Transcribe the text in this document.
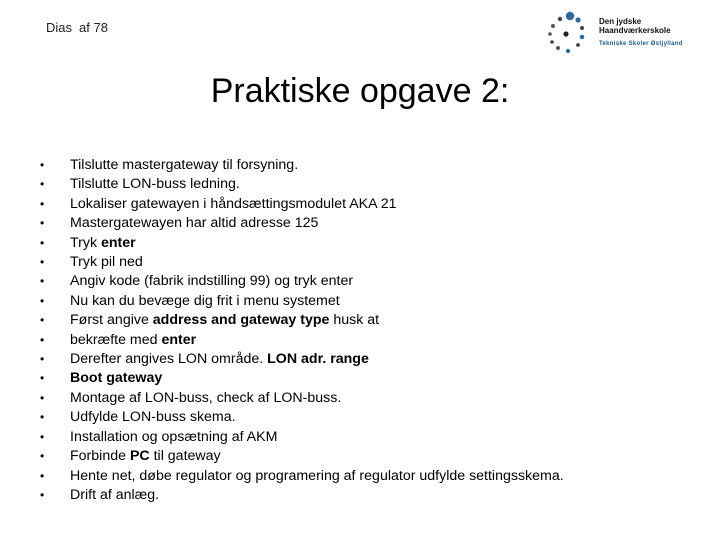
Dias af 78	Den jydske
Haandværkerskole
Tekniske Skoler Østjylland
Praktiske opgave 2:
•	Tilslutte mastergateway til forsyning.
•	Tilslutte LON-buss ledning.
•	Lokaliser gatewayen i håndsættingsmodulet AKA 21
•	Mastergatewayen har altid adresse 125
•	Tryk enter
•	Tryk pil ned
•	Angiv kode (fabrik indstilling 99) og tryk enter
•	Nu kan du bevæge dig frit i menu systemet
•	Først angive address and gateway type husk at
•	bekræfte med enter
•	Derefter angives LON område. LON adr. range
•	Boot gateway
•	Montage af LON-buss, check af LON-buss.
•	Udfylde LON-buss skema.
•	Installation og opsætning af AKM
•	Forbinde PC til gateway
•	Hente net, døbe regulator og programering af regulator udfylde settingsskema.
•	Drift af anlæg.
